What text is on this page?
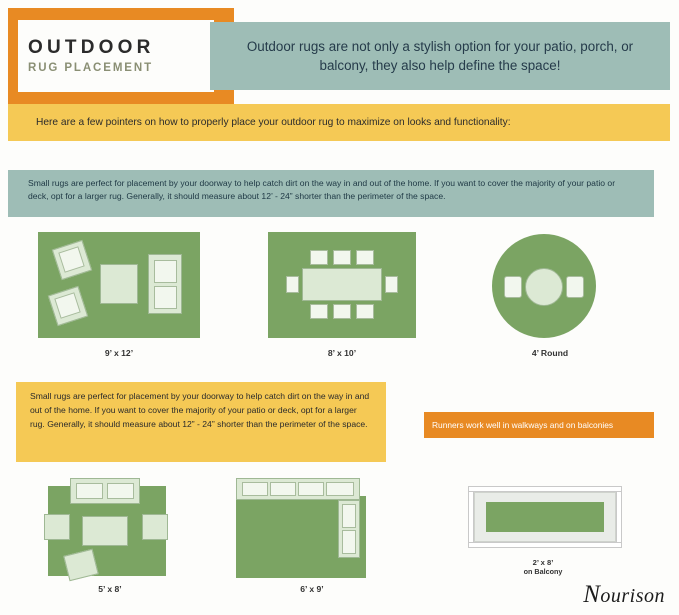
OUTDOOR
RUG PLACEMENT

Outdoor rugs are not only a stylish option for your patio, porch, or balcony, they also help define the space!

Here are a few pointers on how to properly place your outdoor rug to maximize on looks and functionality:

Small rugs are perfect for placement by your doorway to help catch dirt on the way in and out of the home. If you want to cover the majority of your patio or deck, opt for a larger rug. Generally, it should measure about 12’ - 24” shorter than the perimeter of the space.

9’ x 12’	8’ x 10’	4’ Round

Small rugs are perfect for placement by your doorway to help catch dirt on the way in and out of the home. If you want to cover the majority of your patio or deck, opt for a larger rug. Generally, it should measure about 12” - 24” shorter than the perimeter of the space.	Runners work well in walkways and on balconies

5’ x 8’	6’ x 9’
2’ x 8’
on Balcony
Nourison
